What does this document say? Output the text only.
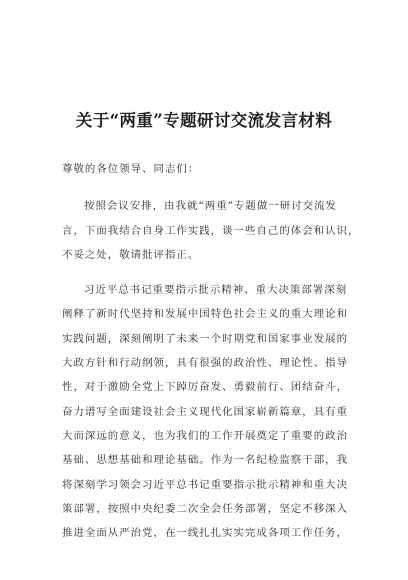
关于“两重”专题研讨交流发言材料
尊敬的各位领导、同志们：
按照会议安排，由我就“两重”专题做一研讨交流发
言，下面我结合自身工作实践，谈一些自己的体会和认识，
不妥之处，敬请批评指正。
习近平总书记重要指示批示精神、重大决策部署深刻
阐释了新时代坚持和发展中国特色社会主义的重大理论和
实践问题，深刻阐明了未来一个时期党和国家事业发展的
大政方针和行动纲领，具有很强的政治性、理论性、指导
性，对于激励全党上下踔厉奋发、勇毅前行、团结奋斗，
奋力谱写全面建设社会主义现代化国家崭新篇章，具有重
大而深远的意义，也为我们的工作开展奠定了重要的政治
基础、思想基础和理论基础。作为一名纪检监察干部，我
将深刻学习领会习近平总书记重要指示批示精神和重大决
策部署，按照中央纪委二次全会任务部署，坚定不移深入
推进全面从严治党，在一线扎扎实实完成各项工作任务，
